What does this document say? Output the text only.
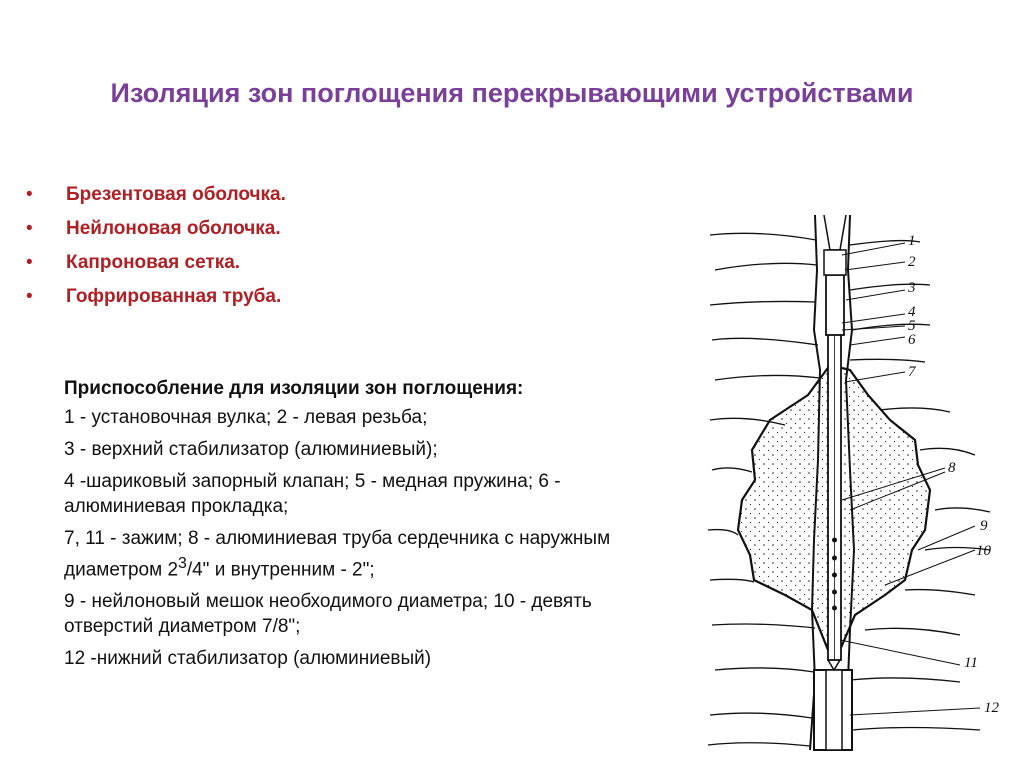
Изоляция зон поглощения перекрывающими устройствами
• Брезентовая оболочка.
• Нейлоновая оболочка.
• Капроновая сетка.
• Гофрированная труба.
Приспособление для изоляции зон поглощения:
1 - установочная вулка; 2 - левая резьба;
3 - верхний стабилизатор (алюминиевый);
4 -шариковый запорный клапан; 5 - медная пружина; 6 - алюминиевая прокладка;
7, 11 - зажим; 8 - алюминиевая труба сердечника с наружным диаметром $2^3/4$" и внутренним - 2";
9 - нейлоновый мешок необходимого диаметра; 10 - девять отверстий диаметром 7/8";
12 -нижний стабилизатор (алюминиевый)
1
2
3
4
5
6
7
8
9
10
11
12
